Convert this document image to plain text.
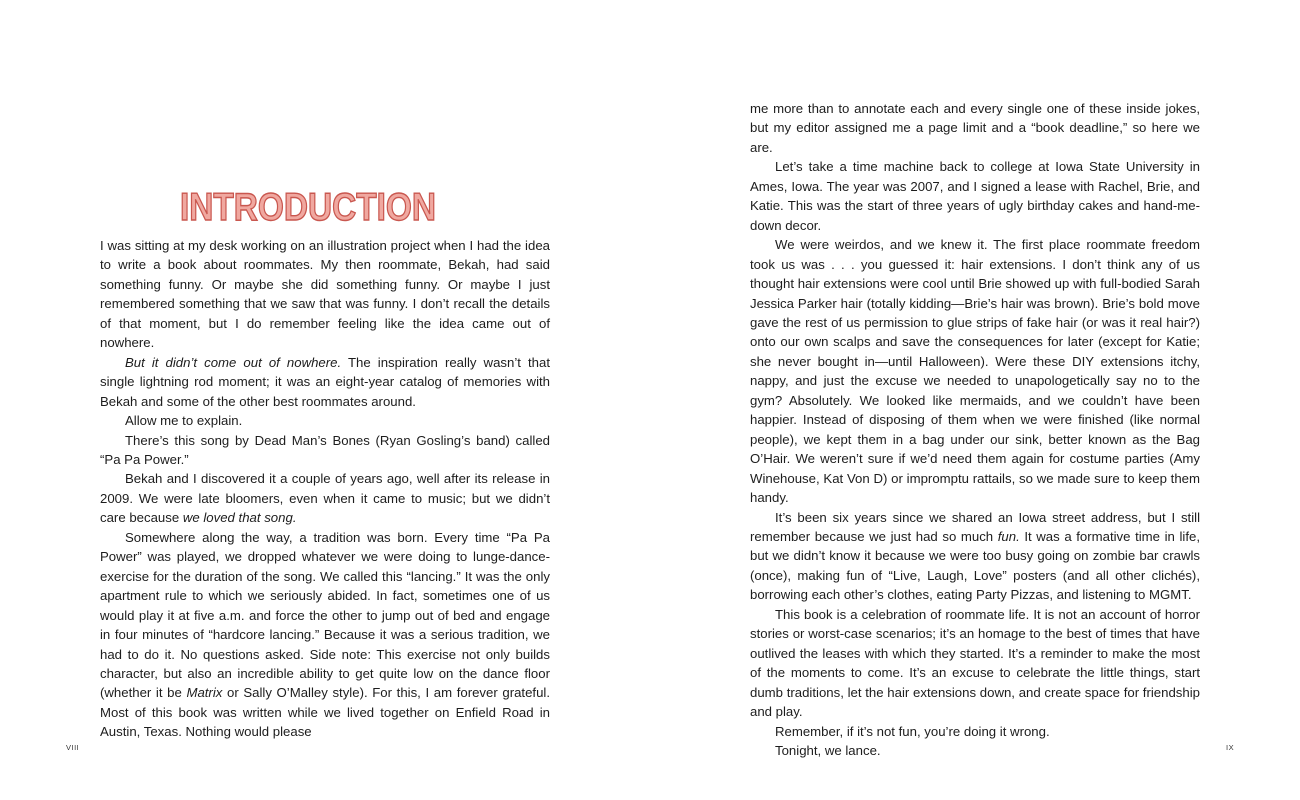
INTRODUCTION

I was sitting at my desk working on an illustration project when I had the idea to write a book about roommates. My then roommate, Bekah, had said something funny. Or maybe she did something funny. Or maybe I just remembered something that we saw that was funny. I don’t recall the details of that moment, but I do remember feeling like the idea came out of nowhere.

But it didn’t come out of nowhere. The inspiration really wasn’t that single lightning rod moment; it was an eight-year catalog of memories with Bekah and some of the other best roommates around.

Allow me to explain.

There’s this song by Dead Man’s Bones (Ryan Gosling’s band) called “Pa Pa Power.”

Bekah and I discovered it a couple of years ago, well after its release in 2009. We were late bloomers, even when it came to music; but we didn’t care because we loved that song.

Somewhere along the way, a tradition was born. Every time “Pa Pa Power” was played, we dropped whatever we were doing to lunge-dance-exercise for the duration of the song. We called this “lancing.” It was the only apartment rule to which we seriously abided. In fact, sometimes one of us would play it at five a.m. and force the other to jump out of bed and engage in four minutes of “hardcore lancing.” Because it was a serious tradition, we had to do it. No questions asked. Side note: This exercise not only builds character, but also an incredible ability to get quite low on the dance floor (whether it be Matrix or Sally O’Malley style). For this, I am forever grateful. Most of this book was written while we lived together on Enfield Road in Austin, Texas. Nothing would please

VIII

me more than to annotate each and every single one of these inside jokes, but my editor assigned me a page limit and a “book deadline,” so here we are.

Let’s take a time machine back to college at Iowa State University in Ames, Iowa. The year was 2007, and I signed a lease with Rachel, Brie, and Katie. This was the start of three years of ugly birthday cakes and hand-me-down decor.

We were weirdos, and we knew it. The first place roommate freedom took us was . . . you guessed it: hair extensions. I don’t think any of us thought hair extensions were cool until Brie showed up with full-bodied Sarah Jessica Parker hair (totally kidding—Brie’s hair was brown). Brie’s bold move gave the rest of us permission to glue strips of fake hair (or was it real hair?) onto our own scalps and save the consequences for later (except for Katie; she never bought in—until Halloween). Were these DIY extensions itchy, nappy, and just the excuse we needed to unapologetically say no to the gym? Absolutely. We looked like mermaids, and we couldn’t have been happier. Instead of disposing of them when we were finished (like normal people), we kept them in a bag under our sink, better known as the Bag O’Hair. We weren’t sure if we’d need them again for costume parties (Amy Winehouse, Kat Von D) or impromptu rattails, so we made sure to keep them handy.

It’s been six years since we shared an Iowa street address, but I still remember because we just had so much fun. It was a formative time in life, but we didn’t know it because we were too busy going on zombie bar crawls (once), making fun of “Live, Laugh, Love” posters (and all other clichés), borrowing each other’s clothes, eating Party Pizzas, and listening to MGMT.

This book is a celebration of roommate life. It is not an account of horror stories or worst-case scenarios; it’s an homage to the best of times that have outlived the leases with which they started. It’s a reminder to make the most of the moments to come. It’s an excuse to celebrate the little things, start dumb traditions, let the hair extensions down, and create space for friendship and play.

Remember, if it’s not fun, you’re doing it wrong.

Tonight, we lance.	IX
